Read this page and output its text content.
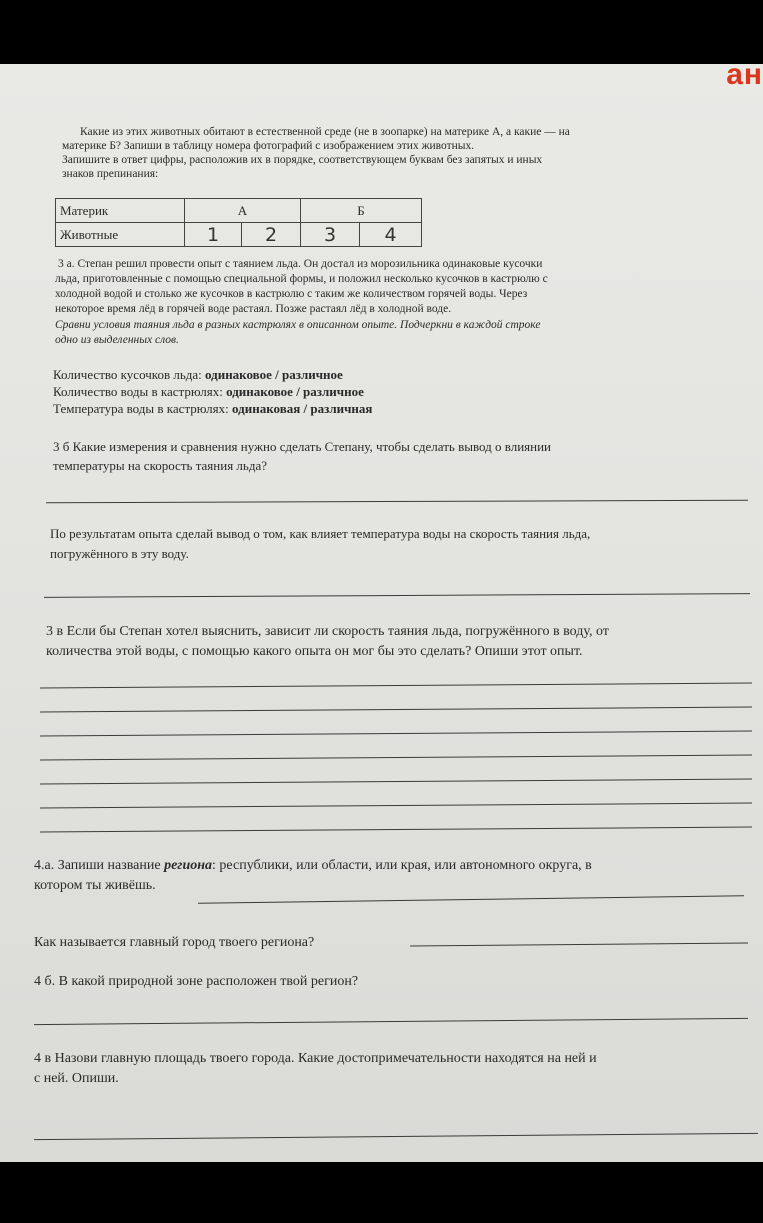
ан
Какие из этих животных обитают в естественной среде (не в зоопарке) на материке А, а какие — на
материке Б? Запиши в таблицу номера фотографий с изображением этих животных.
Запишите в ответ цифры, расположив их в порядке, соответствующем буквам без запятых и иных
знаков препинания:
Материк	А		Б	
Животные	1	2	3	4
3 а. Степан решил провести опыт с таянием льда. Он достал из морозильника одинаковые кусочки
льда, приготовленные с помощью специальной формы, и положил несколько кусочков в кастрюлю с
холодной водой и столько же кусочков в кастрюлю с таким же количеством горячей воды. Через
некоторое время лёд в горячей воде растаял. Позже растаял лёд в холодной воде.
Сравни условия таяния льда в разных кастрюлях в описанном опыте. Подчеркни в каждой строке
одно из выделенных слов.
Количество кусочков льда: одинаковое / различное
Количество воды в кастрюлях: одинаковое / различное
Температура воды в кастрюлях: одинаковая / различная
3 б Какие измерения и сравнения нужно сделать Степану, чтобы сделать вывод о влиянии
температуры на скорость таяния льда?
По результатам опыта сделай вывод о том, как влияет температура воды на скорость таяния льда,
погружённого в эту воду.
3 в Если бы Степан хотел выяснить, зависит ли скорость таяния льда, погружённого в воду, от
количества этой воды, с помощью какого опыта он мог бы это сделать? Опиши этот опыт.
4.а. Запиши название региона: республики, или области, или края, или автономного округа, в
котором ты живёшь.
Как называется главный город твоего региона?
4 б. В какой природной зоне расположен твой регион?
4 в Назови главную площадь твоего города. Какие достопримечательности находятся на ней и
с ней. Опиши.
